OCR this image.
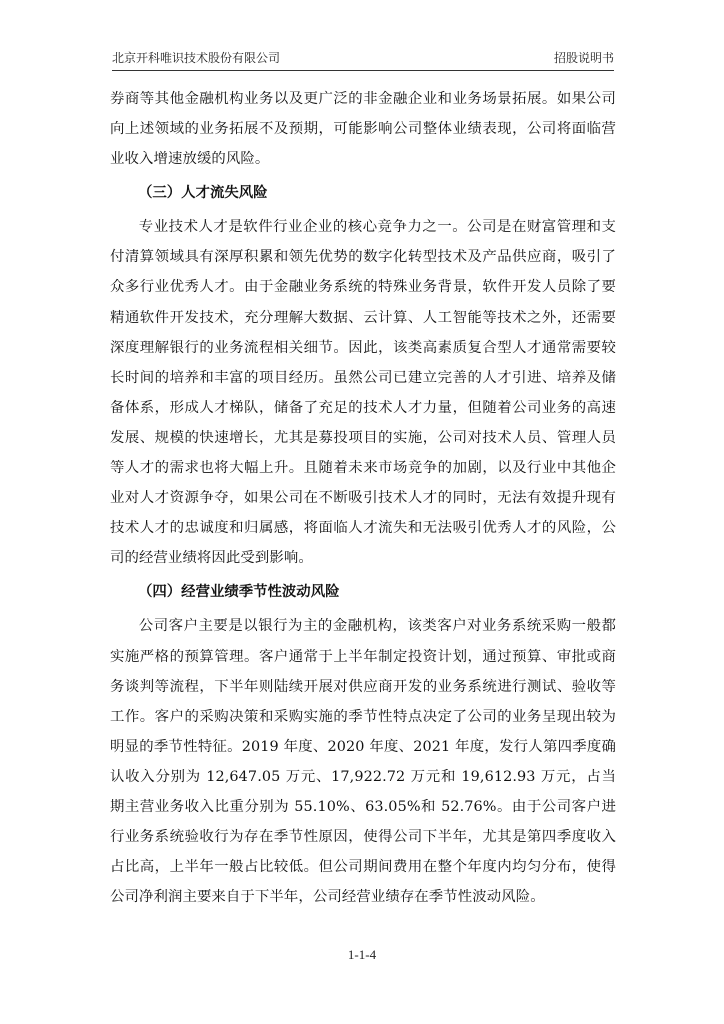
北京开科唯识技术股份有限公司	招股说明书

券商等其他金融机构业务以及更广泛的非金融企业和业务场景拓展。如果公司向上述领域的业务拓展不及预期，可能影响公司整体业绩表现，公司将面临营业收入增速放缓的风险。

（三）人才流失风险

专业技术人才是软件行业企业的核心竞争力之一。公司是在财富管理和支付清算领域具有深厚积累和领先优势的数字化转型技术及产品供应商，吸引了众多行业优秀人才。由于金融业务系统的特殊业务背景，软件开发人员除了要精通软件开发技术，充分理解大数据、云计算、人工智能等技术之外，还需要深度理解银行的业务流程相关细节。因此，该类高素质复合型人才通常需要较长时间的培养和丰富的项目经历。虽然公司已建立完善的人才引进、培养及储备体系，形成人才梯队，储备了充足的技术人才力量，但随着公司业务的高速发展、规模的快速增长，尤其是募投项目的实施，公司对技术人员、管理人员等人才的需求也将大幅上升。且随着未来市场竞争的加剧，以及行业中其他企业对人才资源争夺，如果公司在不断吸引技术人才的同时，无法有效提升现有技术人才的忠诚度和归属感，将面临人才流失和无法吸引优秀人才的风险，公司的经营业绩将因此受到影响。

（四）经营业绩季节性波动风险

公司客户主要是以银行为主的金融机构，该类客户对业务系统采购一般都实施严格的预算管理。客户通常于上半年制定投资计划，通过预算、审批或商务谈判等流程，下半年则陆续开展对供应商开发的业务系统进行测试、验收等工作。客户的采购决策和采购实施的季节性特点决定了公司的业务呈现出较为明显的季节性特征。2019 年度、2020 年度、2021 年度，发行人第四季度确认收入分别为 12,647.05 万元、17,922.72 万元和 19,612.93 万元，占当期主营业务收入比重分别为 55.10%、63.05%和 52.76%。由于公司客户进行业务系统验收行为存在季节性原因，使得公司下半年，尤其是第四季度收入占比高，上半年一般占比较低。但公司期间费用在整个年度内均匀分布，使得公司净利润主要来自于下半年，公司经营业绩存在季节性波动风险。

1-1-4
